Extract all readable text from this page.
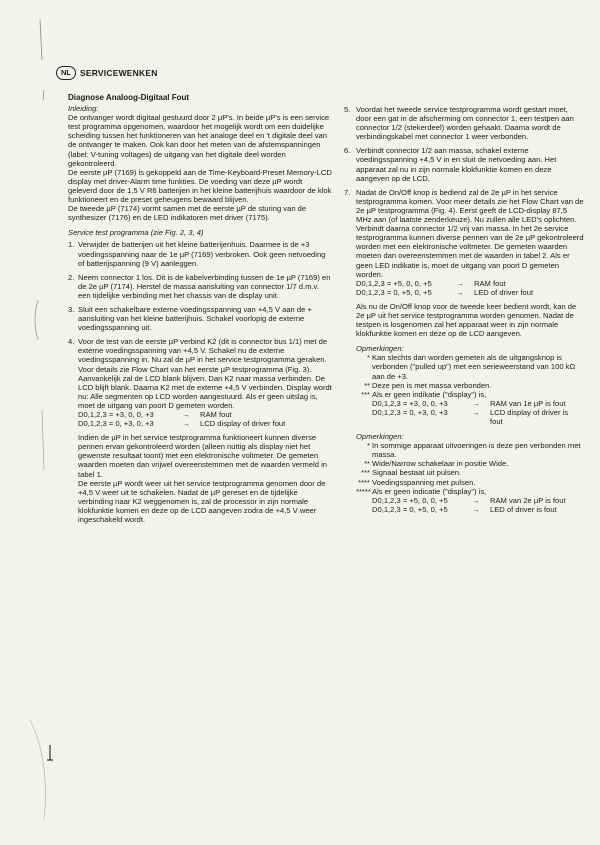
NL	SERVICEWENKEN
Diagnose Analoog-Digitaal Fout
Inleiding:

De ontvanger wordt digitaal gestuurd door 2 µP's. In beide µP's is een service test programma opgenomen, waardoor het mogelijk wordt om een duidelijke scheiding tussen het funktioneren van het analoge deel en 't digitale deel van de ontvanger te maken. Ook kan door het meten van de afstemspanningen (label: V-tuning voltages) de uitgang van het digitale deel worden gekontroleerd.

De eerste µP (7169) is gekoppeld aan de Time-Keyboard-Preset Memory-LCD display met driver-Alarm time funkties. De voeding van deze µP wordt geleverd door de 1,5 V R6 batterijen in het kleine batterijhuis waardoor de klok funktioneert en de preset geheugens bewaard blijven.

De tweede µP (7174) vormt samen met de eerste µP de sturing van de synthesizer (7176) en de LED indikatoren met driver (7175).

Service test programma (zie Fig. 2, 3, 4)
1. Verwijder de batterijen uit het kleine batterijenhuis. Daarmee is de +3 voedingsspanning naar de 1e µP (7169) verbroken. Ook geen netvoeding of batterijspanning (9 V) aanleggen.
2. Neem connector 1 los. Dit is de kabelverbinding tussen de 1e µP (7169) en de 2e µP (7174). Herstel de massa aansluiting van connector 1/7 d.m.v. een tijdelijke verbinding met het chassis van de display unit.
3. Sluit een schakelbare externe voedingsspanning van +4,5 V aan de + aansluiting van het kleine batterijhuis. Schakel voorlopig de externe voedingsspanning uit.
4. Voor de test van de eerste µP verbind K2 (dit is connector bus 1/1) met de externe voedingsspanning van +4,5 V. Schakel nu de externe voedingsspanning in. Nu zal de µP in het service testprogramma geraken. Voor details zie Flow Chart van het eerste µP testprogramma (Fig. 3). Aanvankelijk zal de LCD blank blijven. Dan K2 naar massa verbinden. De LCD blijft blank. Daarna K2 met de externe +4,5 V verbinden. Display wordt nu: Alle segmenten op LCD worden aangestuurd. Als er geen uitslag is, moet de uitgang van poort D gemeten worden.
D0,1,2,3 = +3, 0, 0, +3	→	RAM fout
D0,1,2,3 = 0, +3, 0, +3	→	LCD display of driver fout

Indien de µP in het service testprogramma funktioneert kunnen diverse pennen ervan gekontroleerd worden (alleen nuttig als display niet het gewenste resultaat toont) met een elektronische voltmeter. De gemeten waarden moeten dan vrijwel overeenstemmen met de waarden vermeld in tabel 1.

De eerste µP wordt weer uit het service testprogramma genomen door de +4,5 V weer uit te schakelen. Nadat de µP gereset en de tijdelijke verbinding naar K2 weggenomen is, zal de processor in zijn normale klokfunktie komen en deze op de LCD aangeven zodra de +4,5 V weer ingeschakeld wordt.

5. Voordat het tweede service testprogramma wordt gestart moet, door een gat in de afscherming om connector 1, een testpen aan connector 1/2 (stekerdeel) worden gehaakt. Daarna wordt de verbindingskabel met connector 1 weer verbonden.
6. Verbindt connector 1/2 aan massa, schakel externe voedingsspanning +4,5 V in en sluit de netvoeding aan. Het apparaat zal nu in zijn normale klokfunktie komen en deze aangeven op de LCD.
7. Nadat de On/Off knop is bediend zal de 2e µP in het service testprogramma komen. Voor meer details zie het Flow Chart van de 2e µP testprogramma (Fig. 4). Eerst geeft de LCD-display 87,5 MHz aan (of laatste zenderkeuze). Nu zullen alle LED's oplichten. Verbindt daarna connector 1/2 vrij van massa. In het 2e service testprogramma kunnen diverse pennen van de 2e µP gekontroleerd worden met een elektronische voltmeter. De gemeten waarden moeten dan overeenstemmen met de waarden in tabel 2. Als er geen LED indikatie is, moet de uitgang van poort D gemeten worden.
D0,1,2,3 = +5, 0, 0, +5	→	RAM fout
D0,1,2,3 = 0, +5, 0, +5	→	LED of driver fout

Als nu de On/Off knop voor de tweede keer bedient wordt, kan de 2e µP uit het service testprogramma worden genomen. Nadat de testpen is losgenomen zal het apparaat weer in zijn normale klokfunktie komen en deze op de LCD aangeven.

Opmerkingen:
* Kan slechts dan worden gemeten als de uitgangsknop is verbonden ("pulled up") met een serieweerstand van 100 kΩ aan de +3.
** Deze pen is met massa verbonden.
*** Als er geen indikatie ("display") is,
D0,1,2,3 = +3, 0, 0, +3	→	RAM van 1e µP is fout
D0,1,2,3 = 0, +3, 0, +3	→	LCD display of driver is fout
Opmerkingen:
* In sommige apparaat uitvoeringen is deze pen verbonden met massa.
** Wide/Narrow schakelaar in positie Wide.
*** Signaal bestaat uit pulsen.
**** Voedingsspanning met pulsen.
***** Als er geen indicatie ("display") is,
D0,1,2,3 = +5, 0, 0, +5	→	RAM van 2e µP is fout
D0,1,2,3 = 0, +5, 0, +5	→	LED of driver is fout
